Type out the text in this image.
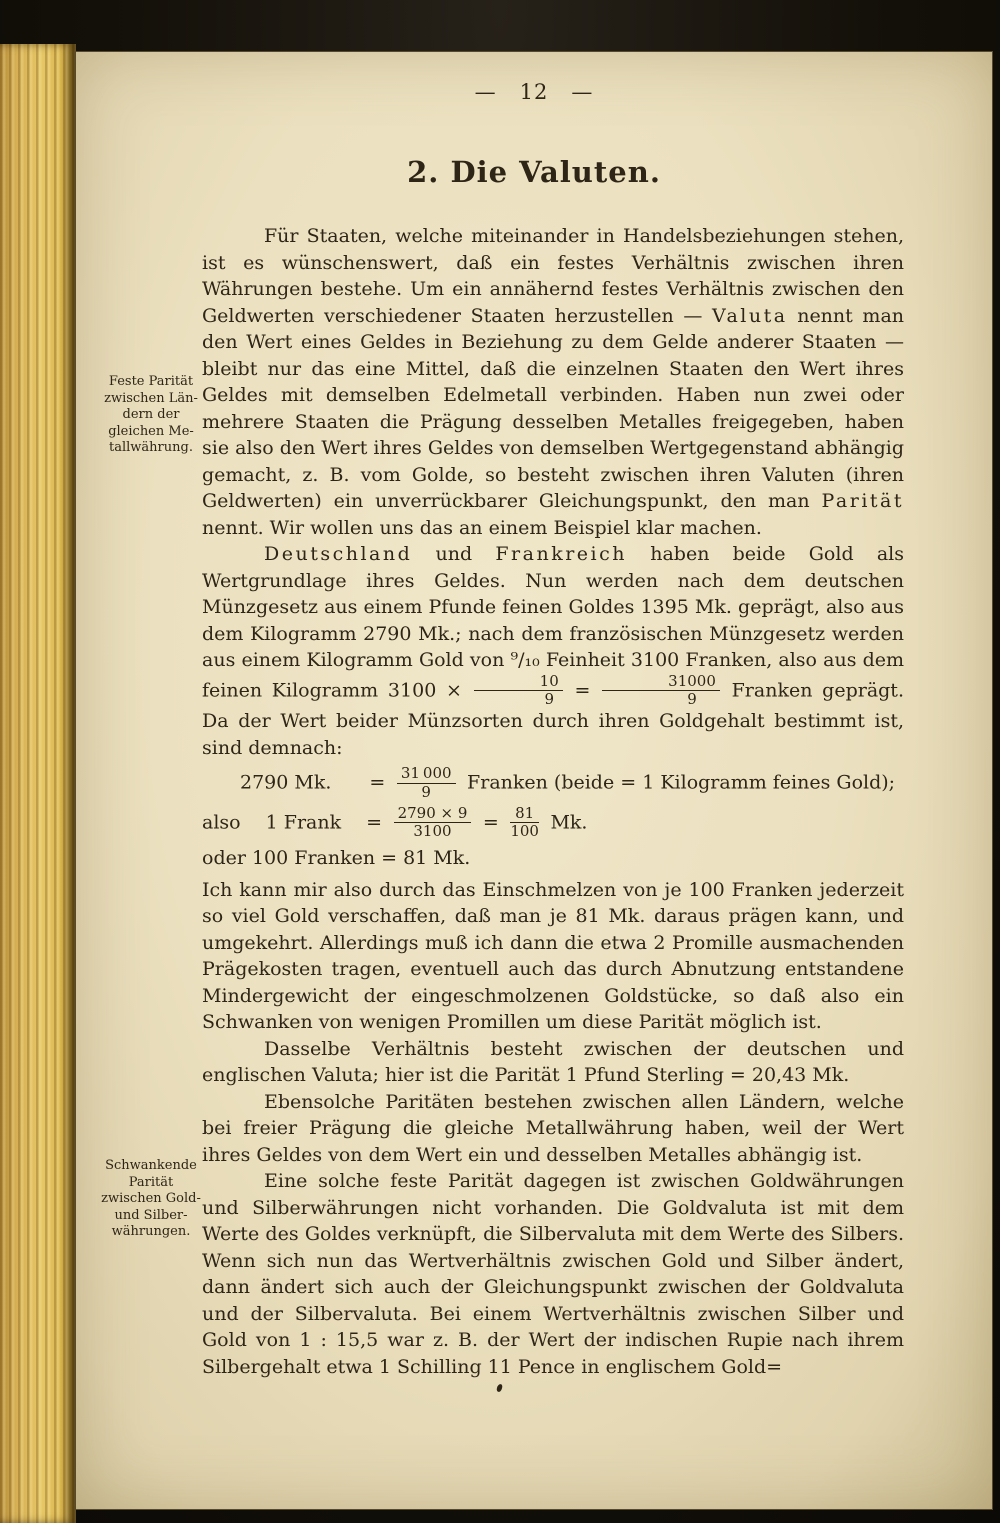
—  12  —
2. Die Valuten.
Feste Parität
zwischen Län-
dern der
gleichen Me-
tallwährung.
Schwankende
Parität
zwischen Gold-
und Silber-
währungen.

Für Staaten, welche miteinander in Handelsbeziehungen stehen, ist es wünschenswert, daß ein festes Verhältnis zwischen ihren Währungen bestehe. Um ein annähernd festes Verhältnis zwischen den Geldwerten verschiedener Staaten herzustellen — Valuta nennt man den Wert eines Geldes in Beziehung zu dem Gelde anderer Staaten — bleibt nur das eine Mittel, daß die einzelnen Staaten den Wert ihres Geldes mit demselben Edelmetall verbinden. Haben nun zwei oder mehrere Staaten die Prägung desselben Metalles freigegeben, haben sie also den Wert ihres Geldes von demselben Wertgegenstand abhängig gemacht, z. B. vom Golde, so besteht zwischen ihren Valuten (ihren Geldwerten) ein unverrückbarer Gleichungspunkt, den man Parität nennt. Wir wollen uns das an einem Beispiel klar machen.

Deutschland und Frankreich haben beide Gold als Wertgrundlage ihres Geldes. Nun werden nach dem deutschen Münzgesetz aus einem Pfunde feinen Goldes 1395 Mk. geprägt, also aus dem Kilogramm 2790 Mk.; nach dem französischen Münzgesetz werden aus einem Kilogramm Gold von ⁹/₁₀ Feinheit 3100 Franken, also aus dem feinen Kilogramm $3100 \times \frac{10}{9} = \frac{31000}{9}$ Franken geprägt. Da der Wert beider Münzsorten durch ihren Goldgehalt bestimmt ist, sind demnach:

2790 Mk.  =  $\frac{31 000}{9}$  Franken (beide = 1 Kilogramm feines Gold);

also  1 Frank  =  $\frac{2790 \times 9}{3100}$  =  $\frac{81}{100}$  Mk.

oder 100 Franken = 81 Mk.

Ich kann mir also durch das Einschmelzen von je 100 Franken jederzeit so viel Gold verschaffen, daß man je 81 Mk. daraus prägen kann, und umgekehrt. Allerdings muß ich dann die etwa 2 Promille ausmachenden Prägekosten tragen, eventuell auch das durch Abnutzung entstandene Mindergewicht der eingeschmolzenen Goldstücke, so daß also ein Schwanken von wenigen Promillen um diese Parität möglich ist.

Dasselbe Verhältnis besteht zwischen der deutschen und englischen Valuta; hier ist die Parität 1 Pfund Sterling = 20,43 Mk.

Ebensolche Paritäten bestehen zwischen allen Ländern, welche bei freier Prägung die gleiche Metallwährung haben, weil der Wert ihres Geldes von dem Wert ein und desselben Metalles abhängig ist.

Eine solche feste Parität dagegen ist zwischen Goldwährungen und Silberwährungen nicht vorhanden. Die Goldvaluta ist mit dem Werte des Goldes verknüpft, die Silbervaluta mit dem Werte des Silbers. Wenn sich nun das Wertverhältnis zwischen Gold und Silber ändert, dann ändert sich auch der Gleichungspunkt zwischen der Goldvaluta und der Silbervaluta. Bei einem Wertverhältnis zwischen Silber und Gold von 1 : 15,5 war z. B. der Wert der indischen Rupie nach ihrem Silbergehalt etwa 1 Schilling 11 Pence in englischem Gold=
